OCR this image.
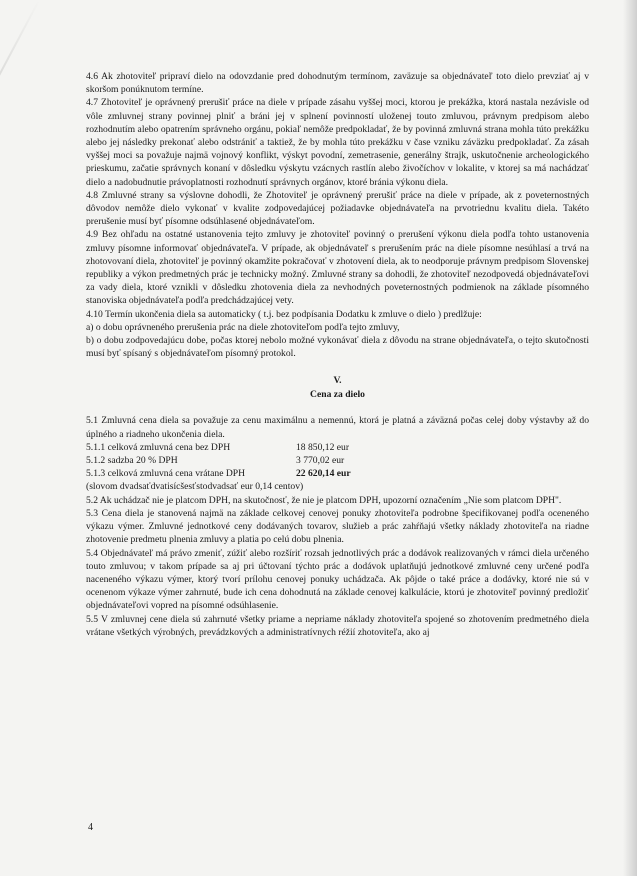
4.6 Ak zhotoviteľ pripraví dielo na odovzdanie pred dohodnutým termínom, zaväzuje sa objednávateľ toto dielo prevziať aj v skoršom ponúknutom termíne.

4.7 Zhotoviteľ je oprávnený prerušiť práce na diele v prípade zásahu vyššej moci, ktorou je prekážka, ktorá nastala nezávisle od vôle zmluvnej strany povinnej plniť a bráni jej v splnení povinností uloženej touto zmluvou, právnym predpisom alebo rozhodnutím alebo opatrením správneho orgánu, pokiaľ nemôže predpokladať, že by povinná zmluvná strana mohla túto prekážku alebo jej následky prekonať alebo odstrániť a taktiež, že by mohla túto prekážku v čase vzniku záväzku predpokladať. Za zásah vyššej moci sa považuje najmä vojnový konflikt, výskyt povodní, zemetrasenie, generálny štrajk, uskutočnenie archeologického prieskumu, začatie správnych konaní v dôsledku výskytu vzácnych rastlín alebo živočíchov v lokalite, v ktorej sa má nachádzať dielo a nadobudnutie právoplatnosti rozhodnutí správnych orgánov, ktoré bránia výkonu diela.

4.8 Zmluvné strany sa výslovne dohodli, že Zhotoviteľ je oprávnený prerušiť práce na diele v prípade, ak z poveternostných dôvodov nemôže dielo vykonať v kvalite zodpovedajúcej požiadavke objednávateľa na prvotriednu kvalitu diela. Takéto prerušenie musí byť písomne odsúhlasené objednávateľom.

4.9 Bez ohľadu na ostatné ustanovenia tejto zmluvy je zhotoviteľ povinný o prerušení výkonu diela podľa tohto ustanovenia zmluvy písomne informovať objednávateľa. V prípade, ak objednávateľ s prerušením prác na diele písomne nesúhlasí a trvá na zhotovovaní diela, zhotoviteľ je povinný okamžite pokračovať v zhotovení diela, ak to neodporuje právnym predpisom Slovenskej republiky a výkon predmetných prác je technicky možný. Zmluvné strany sa dohodli, že zhotoviteľ nezodpovedá objednávateľovi za vady diela, ktoré vznikli v dôsledku zhotovenia diela za nevhodných poveternostných podmienok na základe písomného stanoviska objednávateľa podľa predchádzajúcej vety.

4.10 Termín ukončenia diela sa automaticky ( t.j. bez podpísania Dodatku k zmluve o dielo ) predlžuje:

a) o dobu oprávneného prerušenia prác na diele zhotoviteľom podľa tejto zmluvy,

b) o dobu zodpovedajúcu dobe, počas ktorej nebolo možné vykonávať diela z dôvodu na strane objednávateľa, o tejto skutočnosti musí byť spísaný s objednávateľom písomný protokol.

V.
Cena za dielo

5.1 Zmluvná cena diela sa považuje za cenu maximálnu a nemennú, ktorá je platná a záväzná počas celej doby výstavby až do úplného a riadneho ukončenia diela.

5.1.1 celková zmluvná cena bez DPH	18 850,12 eur
5.1.2 sadzba 20 % DPH	3 770,02 eur
5.1.3 celková zmluvná cena vrátane DPH	22 620,14 eur

(slovom dvadsaťdvatisícšesťstodvadsať eur 0,14 centov)

5.2 Ak uchádzač nie je platcom DPH, na skutočnosť, že nie je platcom DPH, upozorní označením „Nie som platcom DPH".

5.3 Cena diela je stanovená najmä na základe celkovej cenovej ponuky zhotoviteľa podrobne špecifikovanej podľa oceneného výkazu výmer. Zmluvné jednotkové ceny dodávaných tovarov, služieb a prác zahŕňajú všetky náklady zhotoviteľa na riadne zhotovenie predmetu plnenia zmluvy a platia po celú dobu plnenia.

5.4 Objednávateľ má právo zmeniť, zúžiť alebo rozšíriť rozsah jednotlivých prác a dodávok realizovaných v rámci diela určeného touto zmluvou; v takom prípade sa aj pri účtovaní týchto prác a dodávok uplatňujú jednotkové zmluvné ceny určené podľa naceneného výkazu výmer, ktorý tvorí prílohu cenovej ponuky uchádzača. Ak pôjde o také práce a dodávky, ktoré nie sú v ocenenom výkaze výmer zahrnuté, bude ich cena dohodnutá na základe cenovej kalkulácie, ktorú je zhotoviteľ povinný predložiť objednávateľovi vopred na písomné odsúhlasenie.

5.5 V zmluvnej cene diela sú zahrnuté všetky priame a nepriame náklady zhotoviteľa spojené so zhotovením predmetného diela vrátane všetkých výrobných, prevádzkových a administratívnych réžií zhotoviteľa, ako aj

4
